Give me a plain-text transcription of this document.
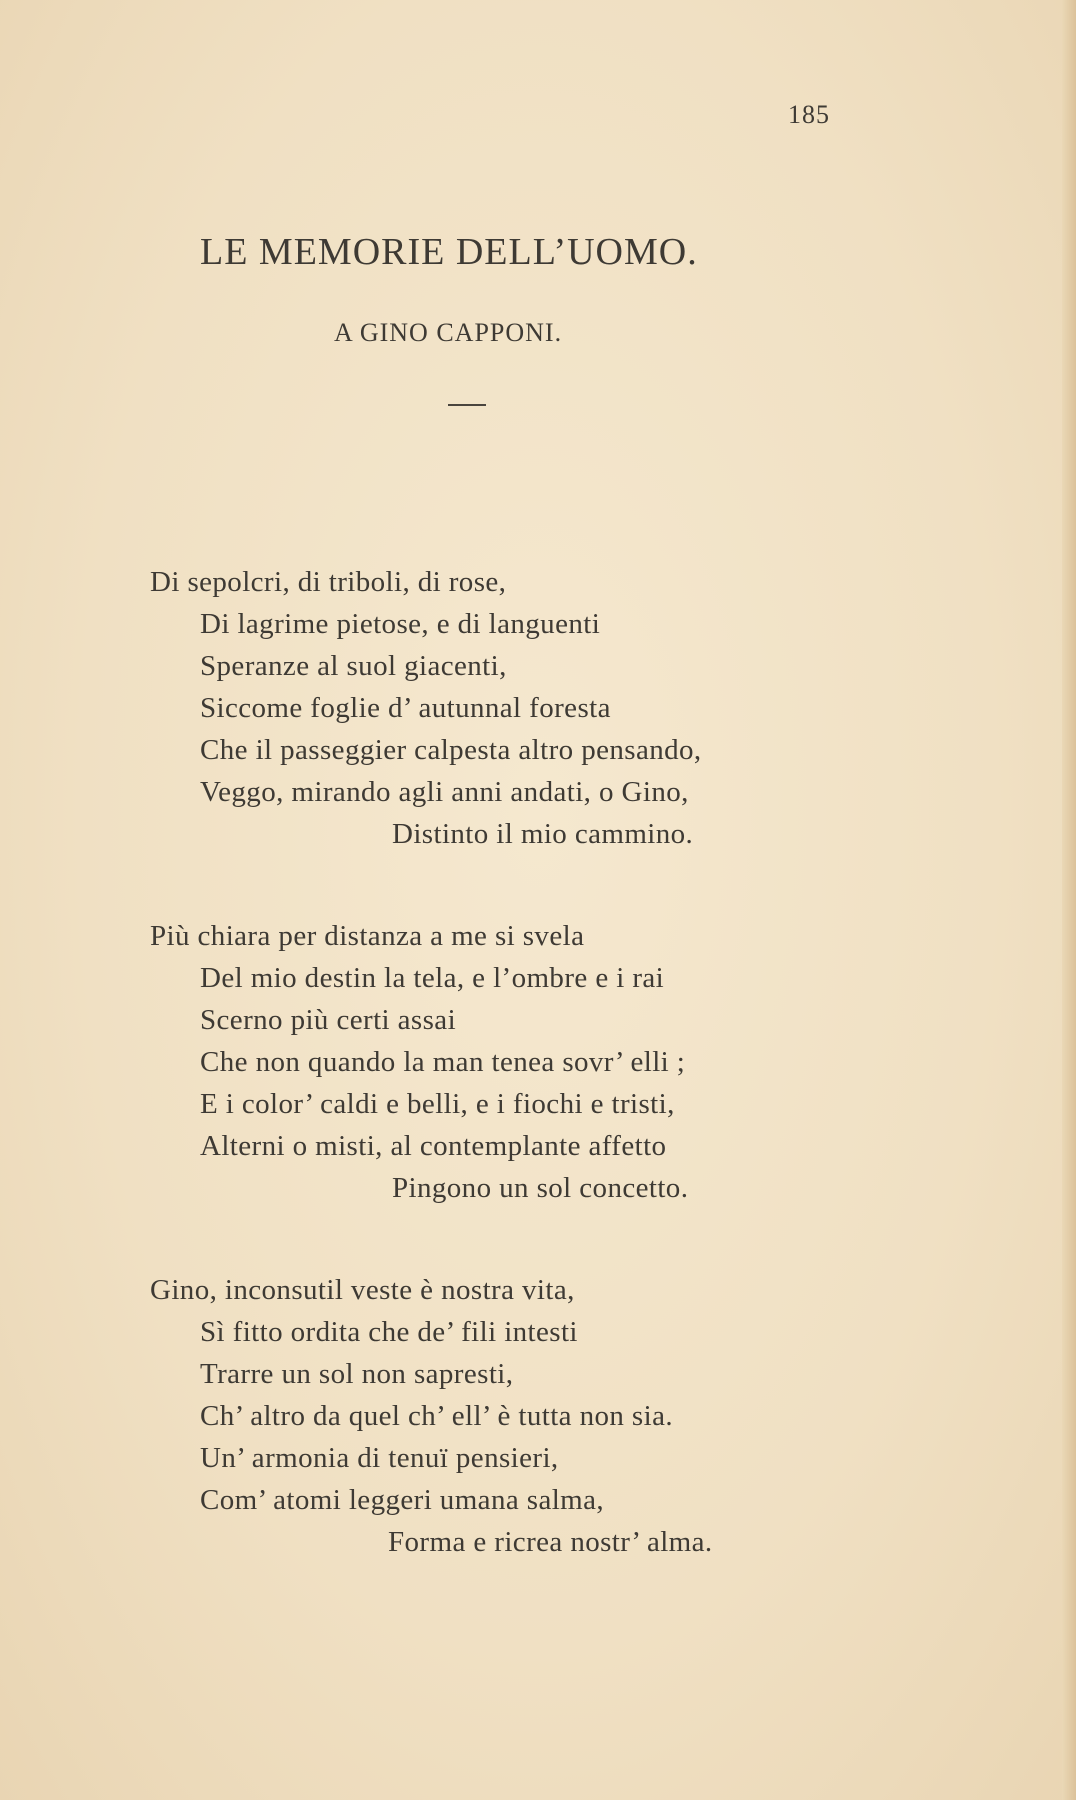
185
LE MEMORIE DELL’UOMO.
A GINO CAPPONI.
Di sepolcri, di triboli, di rose,
Di lagrime pietose, e di languenti
Speranze al suol giacenti,
Siccome foglie d’ autunnal foresta
Che il passeggier calpesta altro pensando,
Veggo, mirando agli anni andati, o Gino,
Distinto il mio cammino.
Più chiara per distanza a me si svela
Del mio destin la tela, e l’ombre e i rai
Scerno più certi assai
Che non quando la man tenea sovr’ elli ;
E i color’ caldi e belli, e i fiochi e tristi,
Alterni o misti, al contemplante affetto
Pingono un sol concetto.
Gino, inconsutil veste è nostra vita,
Sì fitto ordita che de’ fili intesti
Trarre un sol non sapresti,
Ch’ altro da quel ch’ ell’ è tutta non sia.
Un’ armonia di tenuï pensieri,
Com’ atomi leggeri umana salma,
Forma e ricrea nostr’ alma.
